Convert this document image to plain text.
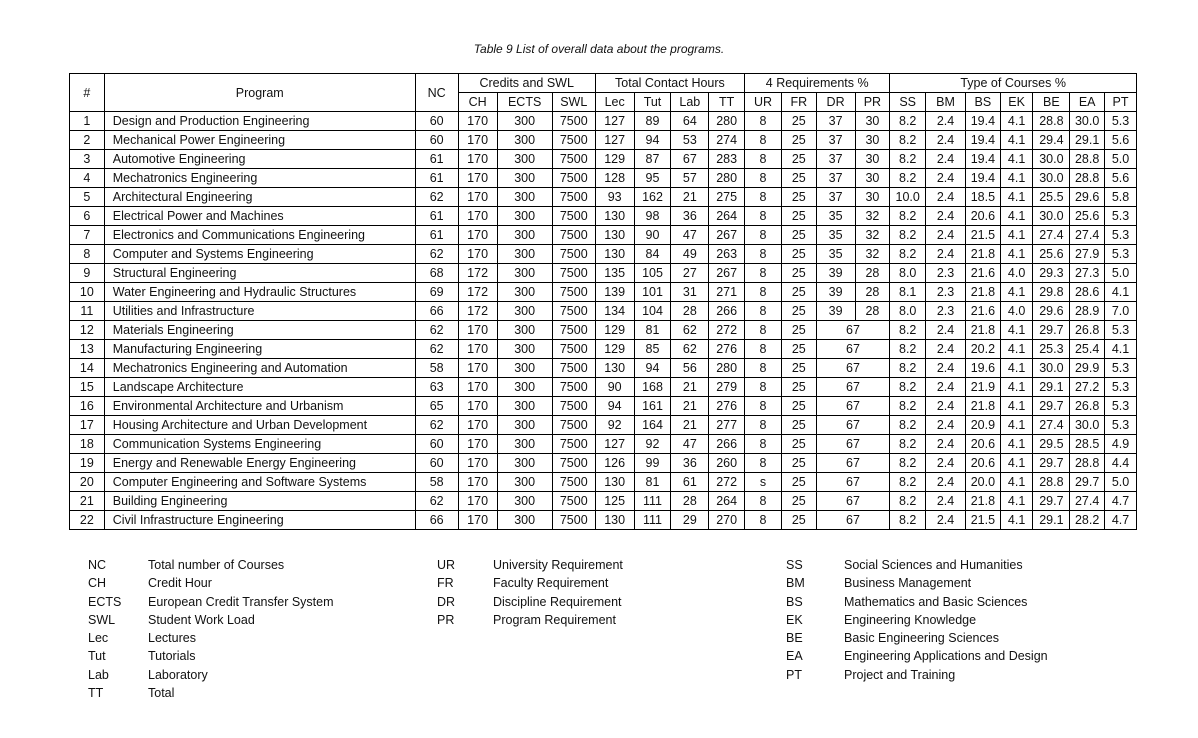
Table 9 List of overall data about the programs.
#	Program	NC	Credits and SWL			Total Contact Hours				4 Requirements %				Type of Courses %						
			CH	ECTS	SWL	Lec	Tut	Lab	TT	UR	FR	DR	PR	SS	BM	BS	EK	BE	EA	PT
1	Design and Production Engineering	60	170	300	7500	127	89	64	280	8	25	37	30	8.2	2.4	19.4	4.1	28.8	30.0	5.3
2	Mechanical Power Engineering	60	170	300	7500	127	94	53	274	8	25	37	30	8.2	2.4	19.4	4.1	29.4	29.1	5.6
3	Automotive Engineering	61	170	300	7500	129	87	67	283	8	25	37	30	8.2	2.4	19.4	4.1	30.0	28.8	5.0
4	Mechatronics Engineering	61	170	300	7500	128	95	57	280	8	25	37	30	8.2	2.4	19.4	4.1	30.0	28.8	5.6
5	Architectural Engineering	62	170	300	7500	93	162	21	275	8	25	37	30	10.0	2.4	18.5	4.1	25.5	29.6	5.8
6	Electrical Power and Machines	61	170	300	7500	130	98	36	264	8	25	35	32	8.2	2.4	20.6	4.1	30.0	25.6	5.3
7	Electronics and Communications Engineering	61	170	300	7500	130	90	47	267	8	25	35	32	8.2	2.4	21.5	4.1	27.4	27.4	5.3
8	Computer and Systems Engineering	62	170	300	7500	130	84	49	263	8	25	35	32	8.2	2.4	21.8	4.1	25.6	27.9	5.3
9	Structural Engineering	68	172	300	7500	135	105	27	267	8	25	39	28	8.0	2.3	21.6	4.0	29.3	27.3	5.0
10	Water Engineering and Hydraulic Structures	69	172	300	7500	139	101	31	271	8	25	39	28	8.1	2.3	21.8	4.1	29.8	28.6	4.1
11	Utilities and Infrastructure	66	172	300	7500	134	104	28	266	8	25	39	28	8.0	2.3	21.6	4.0	29.6	28.9	7.0
12	Materials Engineering	62	170	300	7500	129	81	62	272	8	25	67		8.2	2.4	21.8	4.1	29.7	26.8	5.3
13	Manufacturing Engineering	62	170	300	7500	129	85	62	276	8	25	67		8.2	2.4	20.2	4.1	25.3	25.4	4.1
14	Mechatronics Engineering and Automation	58	170	300	7500	130	94	56	280	8	25	67		8.2	2.4	19.6	4.1	30.0	29.9	5.3
15	Landscape Architecture	63	170	300	7500	90	168	21	279	8	25	67		8.2	2.4	21.9	4.1	29.1	27.2	5.3
16	Environmental Architecture and Urbanism	65	170	300	7500	94	161	21	276	8	25	67		8.2	2.4	21.8	4.1	29.7	26.8	5.3
17	Housing Architecture and Urban Development	62	170	300	7500	92	164	21	277	8	25	67		8.2	2.4	20.9	4.1	27.4	30.0	5.3
18	Communication Systems Engineering	60	170	300	7500	127	92	47	266	8	25	67		8.2	2.4	20.6	4.1	29.5	28.5	4.9
19	Energy and Renewable Energy Engineering	60	170	300	7500	126	99	36	260	8	25	67		8.2	2.4	20.6	4.1	29.7	28.8	4.4
20	Computer Engineering and Software Systems	58	170	300	7500	130	81	61	272	s	25	67		8.2	2.4	20.0	4.1	28.8	29.7	5.0
21	Building Engineering	62	170	300	7500	125	111	28	264	8	25	67		8.2	2.4	21.8	4.1	29.7	27.4	4.7
22	Civil Infrastructure Engineering	66	170	300	7500	130	111	29	270	8	25	67		8.2	2.4	21.5	4.1	29.1	28.2	4.7
NC	Total number of Courses
CH	Credit Hour
ECTS	European Credit Transfer System
SWL	Student Work Load
Lec	Lectures
Tut	Tutorials
Lab	Laboratory
TT	Total
UR	University Requirement
FR	Faculty Requirement
DR	Discipline Requirement
PR	Program Requirement
SS	Social Sciences and Humanities
BM	Business Management
BS	Mathematics and Basic Sciences
EK	Engineering Knowledge
BE	Basic Engineering Sciences
EA	Engineering Applications and Design
PT	Project and Training
